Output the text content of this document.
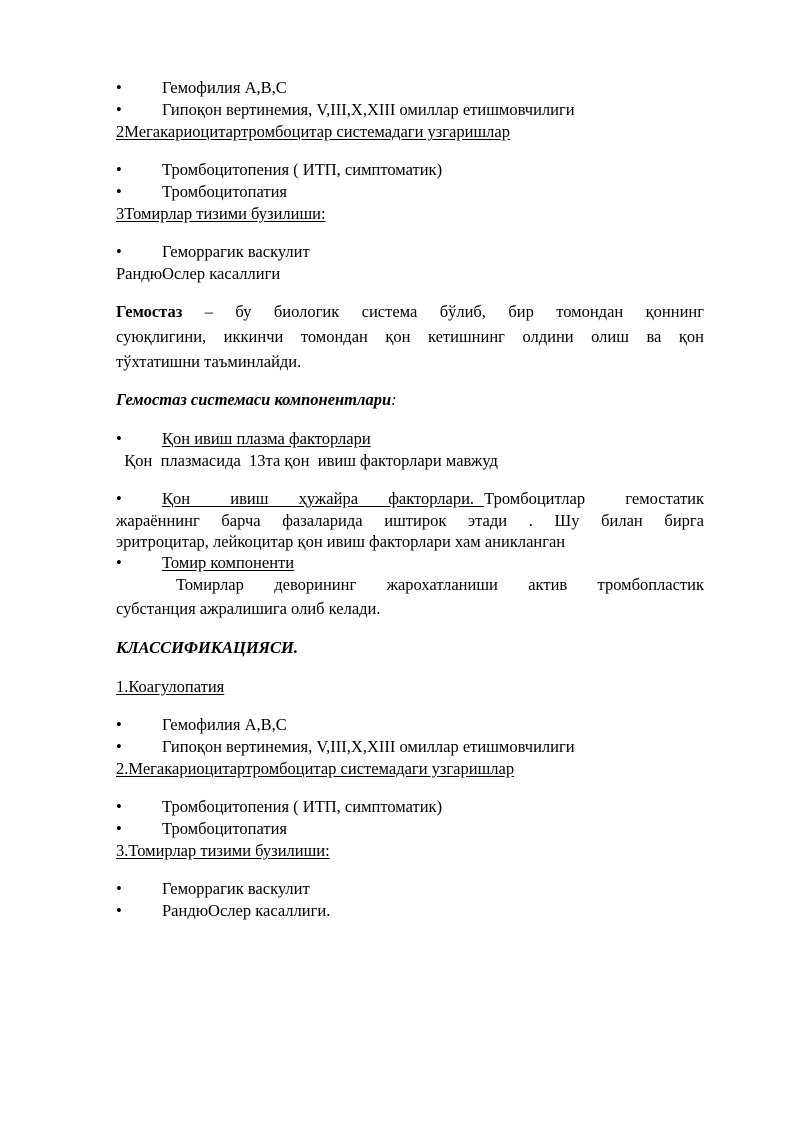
• Гемофилия А,В,С
• Гипоқон вертинемия, V,III,X,XIII омиллар етишмовчилиги
2Мегакариоцитартромбоцитар системадаги узгаришлар
• Тромбоцитопения ( ИТП, симптоматик)
• Тромбоцитопатия
3Томирлар тизими бузилиши:
• Геморрагик васкулит
РандюОслер касаллиги
Гемостаз – бу биологик система бўлиб, бир томондан қоннинг
суюқлигини, иккинчи томондан қон кетишнинг олдини олиш ва қон
тўхтатишни таъминлайди.
Гемостаз системаси компонентлари:
• Қон ивиш плазма факторлари
Қон  плазмасида  13та қон  ивиш факторлари мавжуд
• Қон    ивиш   ҳужайра   факторлари. Тромбоцитлар    гемостатик
жараённинг  барча  фазаларида  иштирок  этади  .  Шу  билан  бирга
эритроцитар, лейкоцитар қон ивиш факторлари хам аникланган
• Томир компоненти
Томирлар деворининг жарохатланиши актив тромбопластик
субстанция ажралишига олиб келади.
КЛАССИФИКАЦИЯСИ.
1.Коагулопатия
• Гемофилия А,В,С
• Гипоқон вертинемия, V,III,X,XIII омиллар етишмовчилиги
2.Мегакариоцитартромбоцитар системадаги узгаришлар
• Тромбоцитопения ( ИТП, симптоматик)
• Тромбоцитопатия
3.Томирлар тизими бузилиши:
• Геморрагик васкулит
• РандюОслер касаллиги.
